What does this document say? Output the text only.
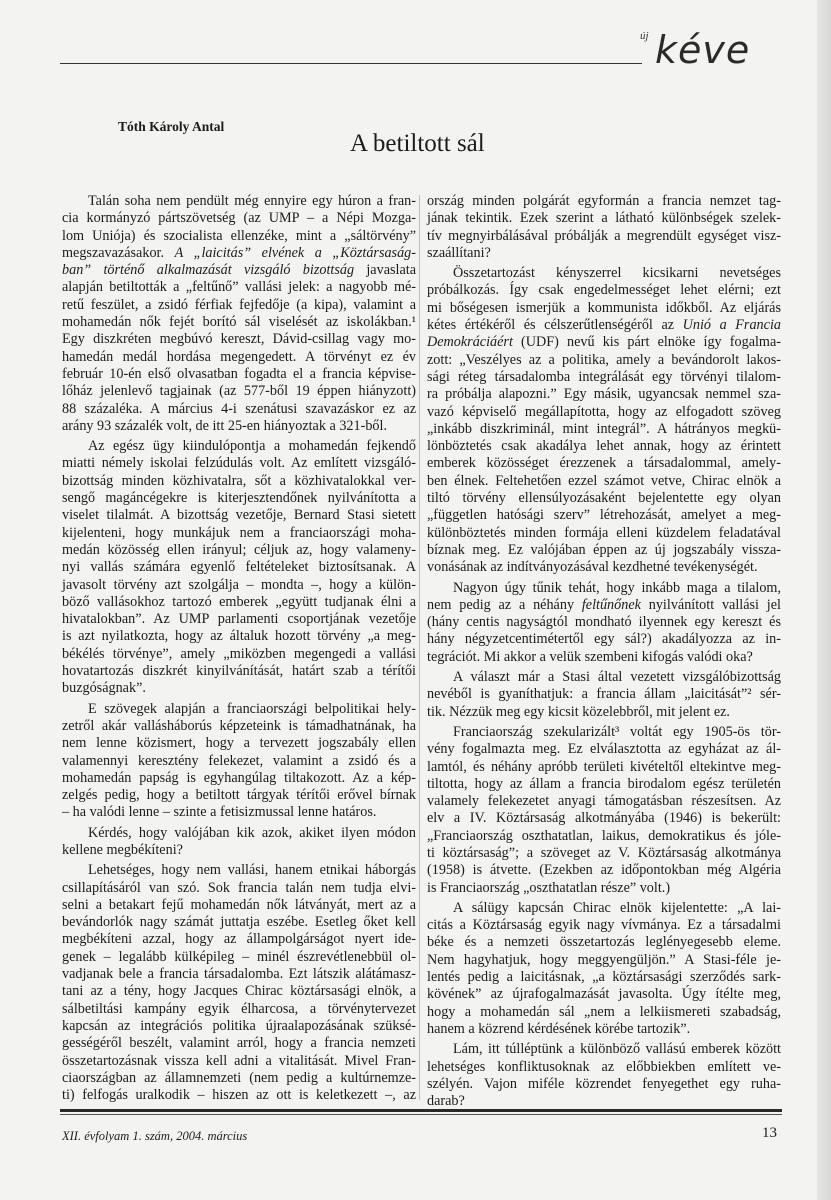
új kéve
Tóth Károly Antal
A betiltott sál
Talán soha nem pendült még ennyire egy húron a fran-
cia kormányzó pártszövetség (az UMP – a Népi Mozga-
lom Uniója) és szocialista ellenzéke, mint a „sáltörvény”
megszavazásakor. A „laicitás” elvének a „Köztársaság-
ban” történő alkalmazását vizsgáló bizottság javaslata
alapján betiltották a „feltűnő” vallási jelek: a nagyobb mé-
retű feszület, a zsidó férfiak fejfedője (a kipa), valamint a
mohamedán nők fejét borító sál viselését az iskolákban.¹
Egy diszkréten megbúvó kereszt, Dávid-csillag vagy mo-
hamedán medál hordása megengedett. A törvényt ez év
február 10-én első olvasatban fogadta el a francia képvise-
lőház jelenlevő tagjainak (az 577-ből 19 éppen hiányzott)
88 százaléka. A március 4-i szenátusi szavazáskor ez az
arány 93 százalék volt, de itt 25-en hiányoztak a 321-ből.
Az egész ügy kiindulópontja a mohamedán fejkendő
miatti némely iskolai felzúdulás volt. Az említett vizsgáló-
bizottság minden közhivatalra, sőt a közhivatalokkal ver-
sengő magáncégekre is kiterjesztendőnek nyilvánította a
viselet tilalmát. A bizottság vezetője, Bernard Stasi sietett
kijelenteni, hogy munkájuk nem a franciaországi moha-
medán közösség ellen irányul; céljuk az, hogy valameny-
nyi vallás számára egyenlő feltételeket biztosítsanak. A
javasolt törvény azt szolgálja – mondta –, hogy a külön-
böző vallásokhoz tartozó emberek „együtt tudjanak élni a
hivatalokban”. Az UMP parlamenti csoportjának vezetője
is azt nyilatkozta, hogy az általuk hozott törvény „a meg-
békélés törvénye”, amely „miközben megengedi a vallási
hovatartozás diszkrét kinyilvánítását, határt szab a térítői
buzgóságnak”.
E szövegek alapján a franciaországi belpolitikai hely-
zetről akár vallásháborús képzeteink is támadhatnának, ha
nem lenne közismert, hogy a tervezett jogszabály ellen
valamennyi keresztény felekezet, valamint a zsidó és a
mohamedán papság is egyhangúlag tiltakozott. Az a kép-
zelgés pedig, hogy a betiltott tárgyak térítői erővel bírnak
– ha valódi lenne – szinte a fetisizmussal lenne határos.
Kérdés, hogy valójában kik azok, akiket ilyen módon
kellene megbékíteni?
Lehetséges, hogy nem vallási, hanem etnikai háborgás
csillapításáról van szó. Sok francia talán nem tudja elvi-
selni a betakart fejű mohamedán nők látványát, mert az a
bevándorlók nagy számát juttatja eszébe. Esetleg őket kell
megbékíteni azzal, hogy az állampolgárságot nyert ide-
genek – legalább külképileg – minél észrevétlenebbül ol-
vadjanak bele a francia társadalomba. Ezt látszik alátámasz-
tani az a tény, hogy Jacques Chirac köztársasági elnök, a
sálbetiltási kampány egyik élharcosa, a törvénytervezet
kapcsán az integrációs politika újraalapozásának szüksé-
gességéről beszélt, valamint arról, hogy a francia nemzeti
összetartozásnak vissza kell adni a vitalitását. Mivel Fran-
ciaországban az államnemzeti (nem pedig a kultúrnemze-
ti) felfogás uralkodik – hiszen az ott is keletkezett –, az
ország minden polgárát egyformán a francia nemzet tag-
jának tekintik. Ezek szerint a látható különbségek szelek-
tív megnyirbálásával próbálják a megrendült egységet visz-
szaállítani?
Összetartozást kényszerrel kicsikarni nevetséges
próbálkozás. Így csak engedelmességet lehet elérni; ezt
mi bőségesen ismerjük a kommunista időkből. Az eljárás
kétes értékéről és célszerűtlenségéről az Unió a Francia
Demokráciáért (UDF) nevű kis párt elnöke így fogalma-
zott: „Veszélyes az a politika, amely a bevándorolt lakos-
sági réteg társadalomba integrálását egy törvényi tilalom-
ra próbálja alapozni.” Egy másik, ugyancsak nemmel sza-
vazó képviselő megállapította, hogy az elfogadott szöveg
„inkább diszkriminál, mint integrál”. A hátrányos megkü-
lönböztetés csak akadálya lehet annak, hogy az érintett
emberek közösséget érezzenek a társadalommal, amely-
ben élnek. Feltehetően ezzel számot vetve, Chirac elnök a
tiltó törvény ellensúlyozásaként bejelentette egy olyan
„független hatósági szerv” létrehozását, amelyet a meg-
különböztetés minden formája elleni küzdelem feladatával
bíznak meg. Ez valójában éppen az új jogszabály vissza-
vonásának az indítványozásával kezdhetné tevékenységét.
Nagyon úgy tűnik tehát, hogy inkább maga a tilalom,
nem pedig az a néhány feltűnőnek nyilvánított vallási jel
(hány centis nagyságtól mondható ilyennek egy kereszt és
hány négyzetcentimétertől egy sál?) akadályozza az in-
tegrációt. Mi akkor a velük szembeni kifogás valódi oka?
A választ már a Stasi által vezetett vizsgálóbizottság
nevéből is gyaníthatjuk: a francia állam „laicitását”² sér-
tik. Nézzük meg egy kicsit közelebbről, mit jelent ez.
Franciaország szekularizált³ voltát egy 1905-ös tör-
vény fogalmazta meg. Ez elválasztotta az egyházat az ál-
lamtól, és néhány apróbb területi kivételtől eltekintve meg-
tiltotta, hogy az állam a francia birodalom egész területén
valamely felekezetet anyagi támogatásban részesítsen. Az
elv a IV. Köztársaság alkotmányába (1946) is bekerült:
„Franciaország oszthatatlan, laikus, demokratikus és jóle-
ti köztársaság”; a szöveget az V. Köztársaság alkotmánya
(1958) is átvette. (Ezekben az időpontokban még Algéria
is Franciaország „oszthatatlan része” volt.)
A sálügy kapcsán Chirac elnök kijelentette: „A lai-
citás a Köztársaság egyik nagy vívmánya. Ez a társadalmi
béke és a nemzeti összetartozás leglényegesebb eleme.
Nem hagyhatjuk, hogy meggyengüljön.” A Stasi-féle je-
lentés pedig a laicitásnak, „a köztársasági szerződés sark-
kövének” az újrafogalmazását javasolta. Úgy ítélte meg,
hogy a mohamedán sál „nem a lelkiismereti szabadság,
hanem a közrend kérdésének körébe tartozik”.
Lám, itt túlléptünk a különböző vallású emberek között
lehetséges konfliktusoknak az előbbiekben említett ve-
szélyén. Vajon miféle közrendet fenyegethet egy ruha-
darab?
XII. évfolyam 1. szám, 2004. március	13
